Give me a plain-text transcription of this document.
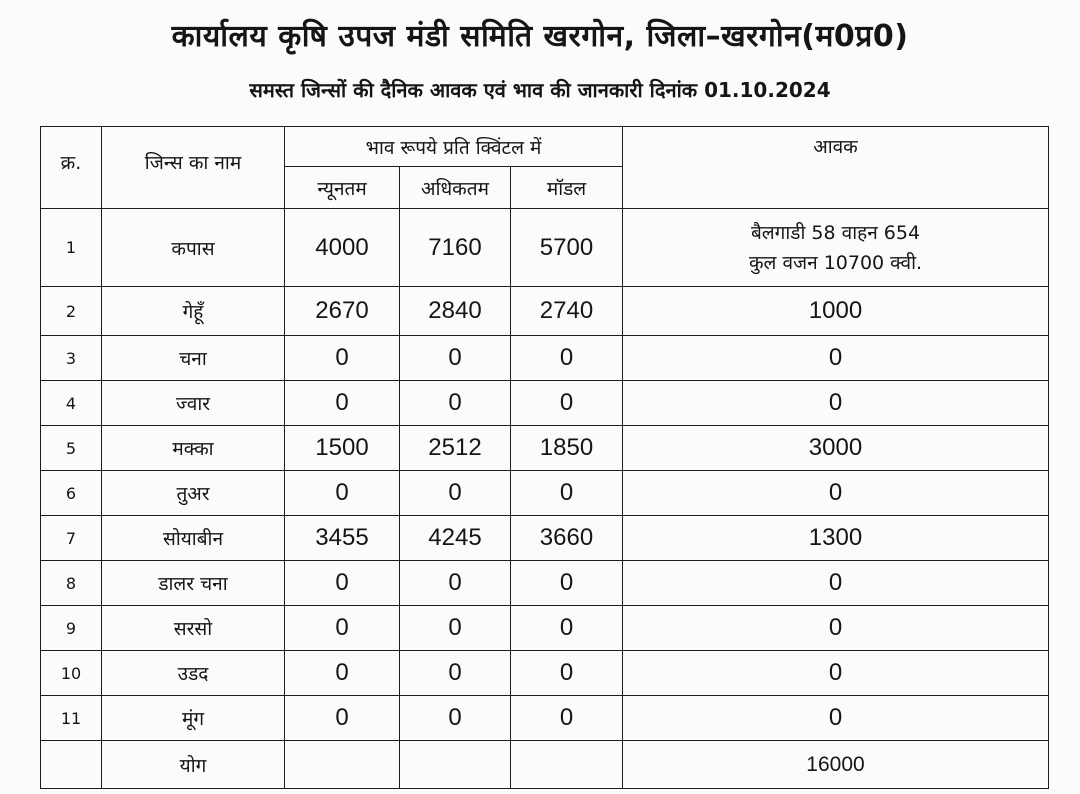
कार्यालय कृषि उपज मंडी समिति खरगोन, जिला–खरगोन(म0प्र0)
समस्त जिन्सों की दैनिक आवक एवं भाव की जानकारी दिनांक 01.10.2024
क्र.	जिन्स का नाम	भाव रूपये प्रति क्विंटल में			आवक
		न्यूनतम	अधिकतम	मॉडल	
1	कपास	4000	7160	5700	बैलगाडी 58 वाहन 654
कुल वजन 10700 क्वी.

2	गेहूँ	2670	2840	2740	1000
3	चना	0	0	0	0
4	ज्वार	0	0	0	0
5	मक्का	1500	2512	1850	3000
6	तुअर	0	0	0	0
7	सोयाबीन	3455	4245	3660	1300
8	डालर चना	0	0	0	0
9	सरसो	0	0	0	0
10	उडद	0	0	0	0
11	मूंग	0	0	0	0
	योग				16000
